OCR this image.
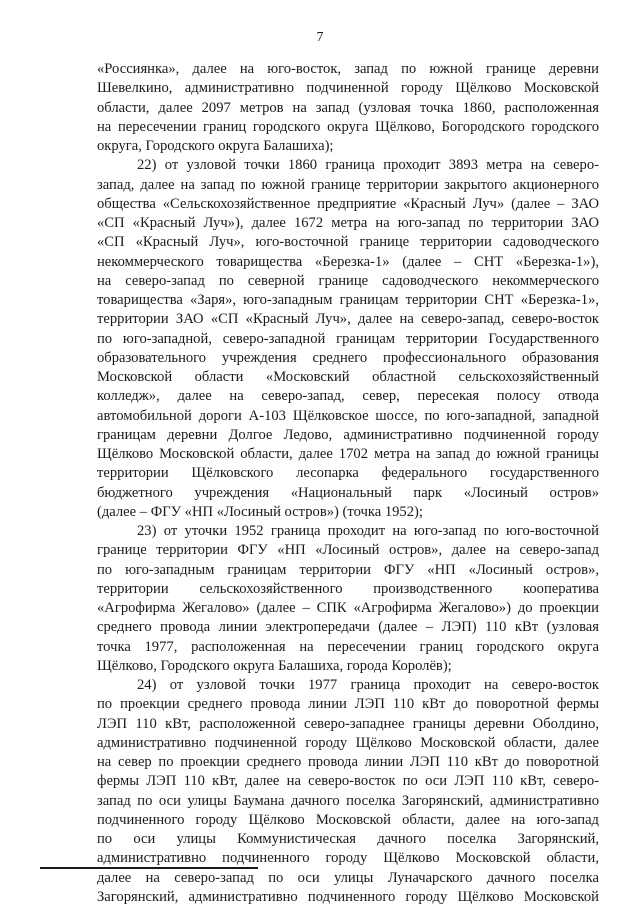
7
«Россиянка», далее на юго-восток, запад по южной границе деревни
Шевелкино, административно подчиненной городу Щёлково Московской
области, далее 2097 метров на запад (узловая точка 1860, расположенная
на пересечении границ городского округа Щёлково, Богородского городского
округа, Городского округа Балашиха);
22) от узловой точки 1860 граница проходит 3893 метра на северо-
запад, далее на запад по южной границе территории закрытого акционерного
общества «Сельскохозяйственное предприятие «Красный Луч» (далее – ЗАО
«СП «Красный Луч»), далее 1672 метра на юго-запад по территории ЗАО
«СП «Красный Луч», юго-восточной границе территории садоводческого
некоммерческого товарищества «Березка-1» (далее – СНТ «Березка-1»),
на северо-запад по северной границе садоводческого некоммерческого
товарищества «Заря», юго-западным границам территории СНТ «Березка-1»,
территории ЗАО «СП «Красный Луч», далее на северо-запад, северо-восток
по юго-западной, северо-западной границам территории Государственного
образовательного учреждения среднего профессионального образования
Московской области «Московский областной сельскохозяйственный
колледж», далее на северо-запад, север, пересекая полосу отвода
автомобильной дороги А-103 Щёлковское шоссе, по юго-западной, западной
границам деревни Долгое Ледово, административно подчиненной городу
Щёлково Московской области, далее 1702 метра на запад до южной границы
территории Щёлковского лесопарка федерального государственного
бюджетного учреждения «Национальный парк «Лосиный остров»
(далее – ФГУ «НП «Лосиный остров») (точка 1952);
23) от уточки 1952 граница проходит на юго-запад по юго-восточной
границе территории ФГУ «НП «Лосиный остров», далее на северо-запад
по юго-западным границам территории ФГУ «НП «Лосиный остров»,
территории сельскохозяйственного производственного кооператива
«Агрофирма Жегалово» (далее – СПК «Агрофирма Жегалово») до проекции
среднего провода линии электропередачи (далее – ЛЭП) 110 кВт (узловая
точка 1977, расположенная на пересечении границ городского округа
Щёлково, Городского округа Балашиха, города Королёв);
24) от узловой точки 1977 граница проходит на северо-восток
по проекции среднего провода линии ЛЭП 110 кВт до поворотной фермы
ЛЭП 110 кВт, расположенной северо-западнее границы деревни Оболдино,
административно подчиненной городу Щёлково Московской области, далее
на север по проекции среднего провода линии ЛЭП 110 кВт до поворотной
фермы ЛЭП 110 кВт, далее на северо-восток по оси ЛЭП 110 кВт, северо-
запад по оси улицы Баумана дачного поселка Загорянский, административно
подчиненного городу Щёлково Московской области, далее на юго-запад
по оси улицы Коммунистическая дачного поселка Загорянский,
административно подчиненного городу Щёлково Московской области,
далее на северо-запад по оси улицы Луначарского дачного поселка
Загорянский, административно подчиненного городу Щёлково Московской
